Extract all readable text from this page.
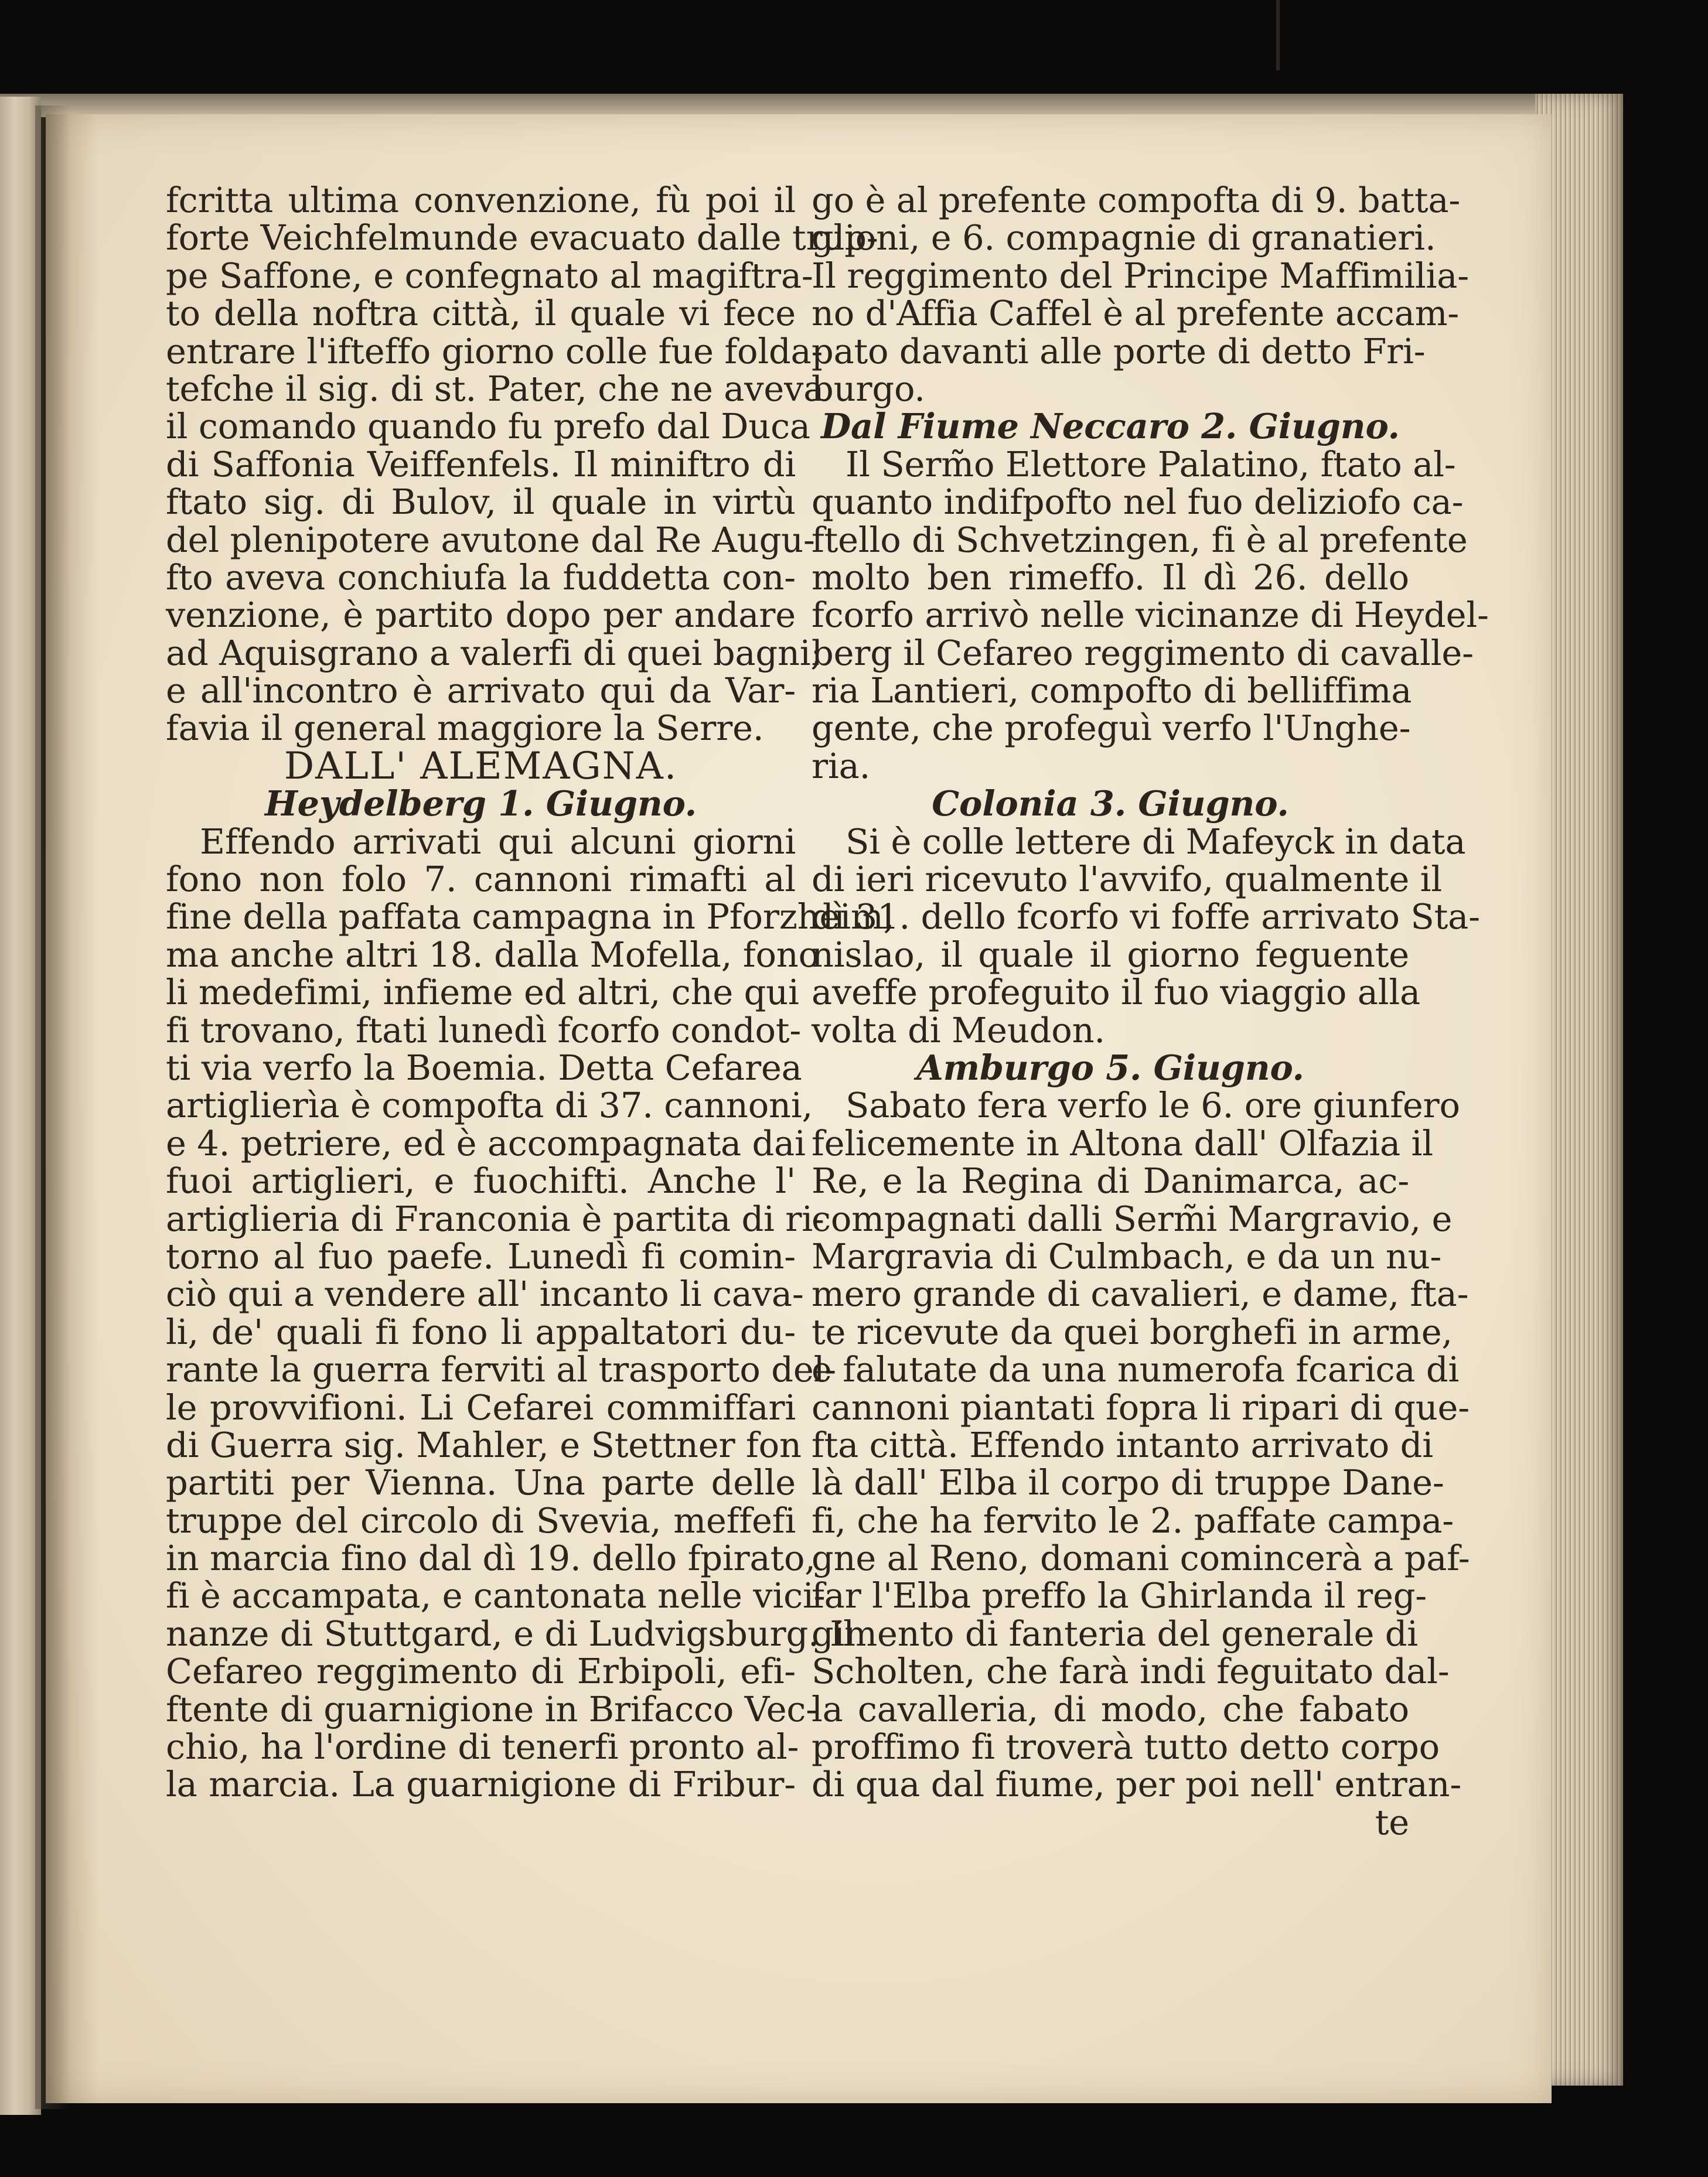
fcritta ultima convenzione, fù poi il
forte Veichfelmunde evacuato dalle trup-
pe Saffone, e confegnato al magiftra-
to della noftra città, il quale vi fece
entrare l'ifteffo giorno colle fue folda-
tefche il sig. di st. Pater, che ne aveva
il comando quando fu prefo dal Duca
di Saffonia Veiffenfels. Il miniftro di
ftato sig. di Bulov, il quale in virtù
del plenipotere avutone dal Re Augu-
fto aveva conchiufa la fuddetta con-
venzione, è partito dopo per andare
ad Aquisgrano a valerfi di quei bagni;
e all'incontro è arrivato qui da Var-
favia il general maggiore la Serre.
DALL' ALEMAGNA.
Heydelberg 1. Giugno.
Effendo arrivati qui alcuni giorni
fono non folo 7. cannoni rimafti al
fine della paffata campagna in Pforzheim,
ma anche altri 18. dalla Mofella, fono
li medefimi, infieme ed altri, che qui
fi trovano, ftati lunedì fcorfo condot-
ti via verfo la Boemia. Detta Cefarea
artiglierìa è compofta di 37. cannoni,
e 4. petriere, ed è accompagnata dai
fuoi artiglieri, e fuochifti. Anche l'
artiglieria di Franconia è partita di ri-
torno al fuo paefe. Lunedì fi comin-
ciò qui a vendere all' incanto li cava-
li, de' quali fi fono li appaltatori du-
rante la guerra ferviti al trasporto del-
le provvifioni. Li Cefarei commiffari
di Guerra sig. Mahler, e Stettner fon
partiti per Vienna. Una parte delle
truppe del circolo di Svevia, meffefi
in marcia fino dal dì 19. dello fpirato,
fi è accampata, e cantonata nelle vici-
nanze di Stuttgard, e di Ludvigsburg. Il
Cefareo reggimento di Erbipoli, efi-
ftente di guarnigione in Brifacco Vec-
chio, ha l'ordine di tenerfi pronto al-
la marcia. La guarnigione di Fribur-
go è al prefente compofta di 9. batta-
glioni, e 6. compagnie di granatieri.
Il reggimento del Principe Maffimilia-
no d'Affia Caffel è al prefente accam-
pato davanti alle porte di detto Fri-
burgo.
Dal Fiume Neccaro 2. Giugno.
Il Serm̃o Elettore Palatino, ftato al-
quanto indifpofto nel fuo deliziofo ca-
ftello di Schvetzingen, fi è al prefente
molto ben rimeffo. Il dì 26. dello
fcorfo arrivò nelle vicinanze di Heydel-
berg il Cefareo reggimento di cavalle-
ria Lantieri, compofto di belliffima
gente, che profeguì verfo l'Unghe-
ria.
Colonia 3. Giugno.
Si è colle lettere di Mafeyck in data
di ieri ricevuto l'avvifo, qualmente il
dì 31. dello fcorfo vi foffe arrivato Sta-
nislao, il quale il giorno feguente
aveffe profeguito il fuo viaggio alla
volta di Meudon.
Amburgo 5. Giugno.
Sabato fera verfo le 6. ore giunfero
felicemente in Altona dall' Olfazia il
Re, e la Regina di Danimarca, ac-
compagnati dalli Serm̃i Margravio, e
Margravia di Culmbach, e da un nu-
mero grande di cavalieri, e dame, fta-
te ricevute da quei borghefi in arme,
e falutate da una numerofa fcarica di
cannoni piantati fopra li ripari di que-
fta città. Effendo intanto arrivato di
là dall' Elba il corpo di truppe Dane-
fi, che ha fervito le 2. paffate campa-
gne al Reno, domani comincerà a paf-
far l'Elba preffo la Ghirlanda il reg-
gimento di fanteria del generale di
Scholten, che farà indi feguitato dal-
la cavalleria, di modo, che fabato
proffimo fi troverà tutto detto corpo
di qua dal fiume, per poi nell' entran-
te
